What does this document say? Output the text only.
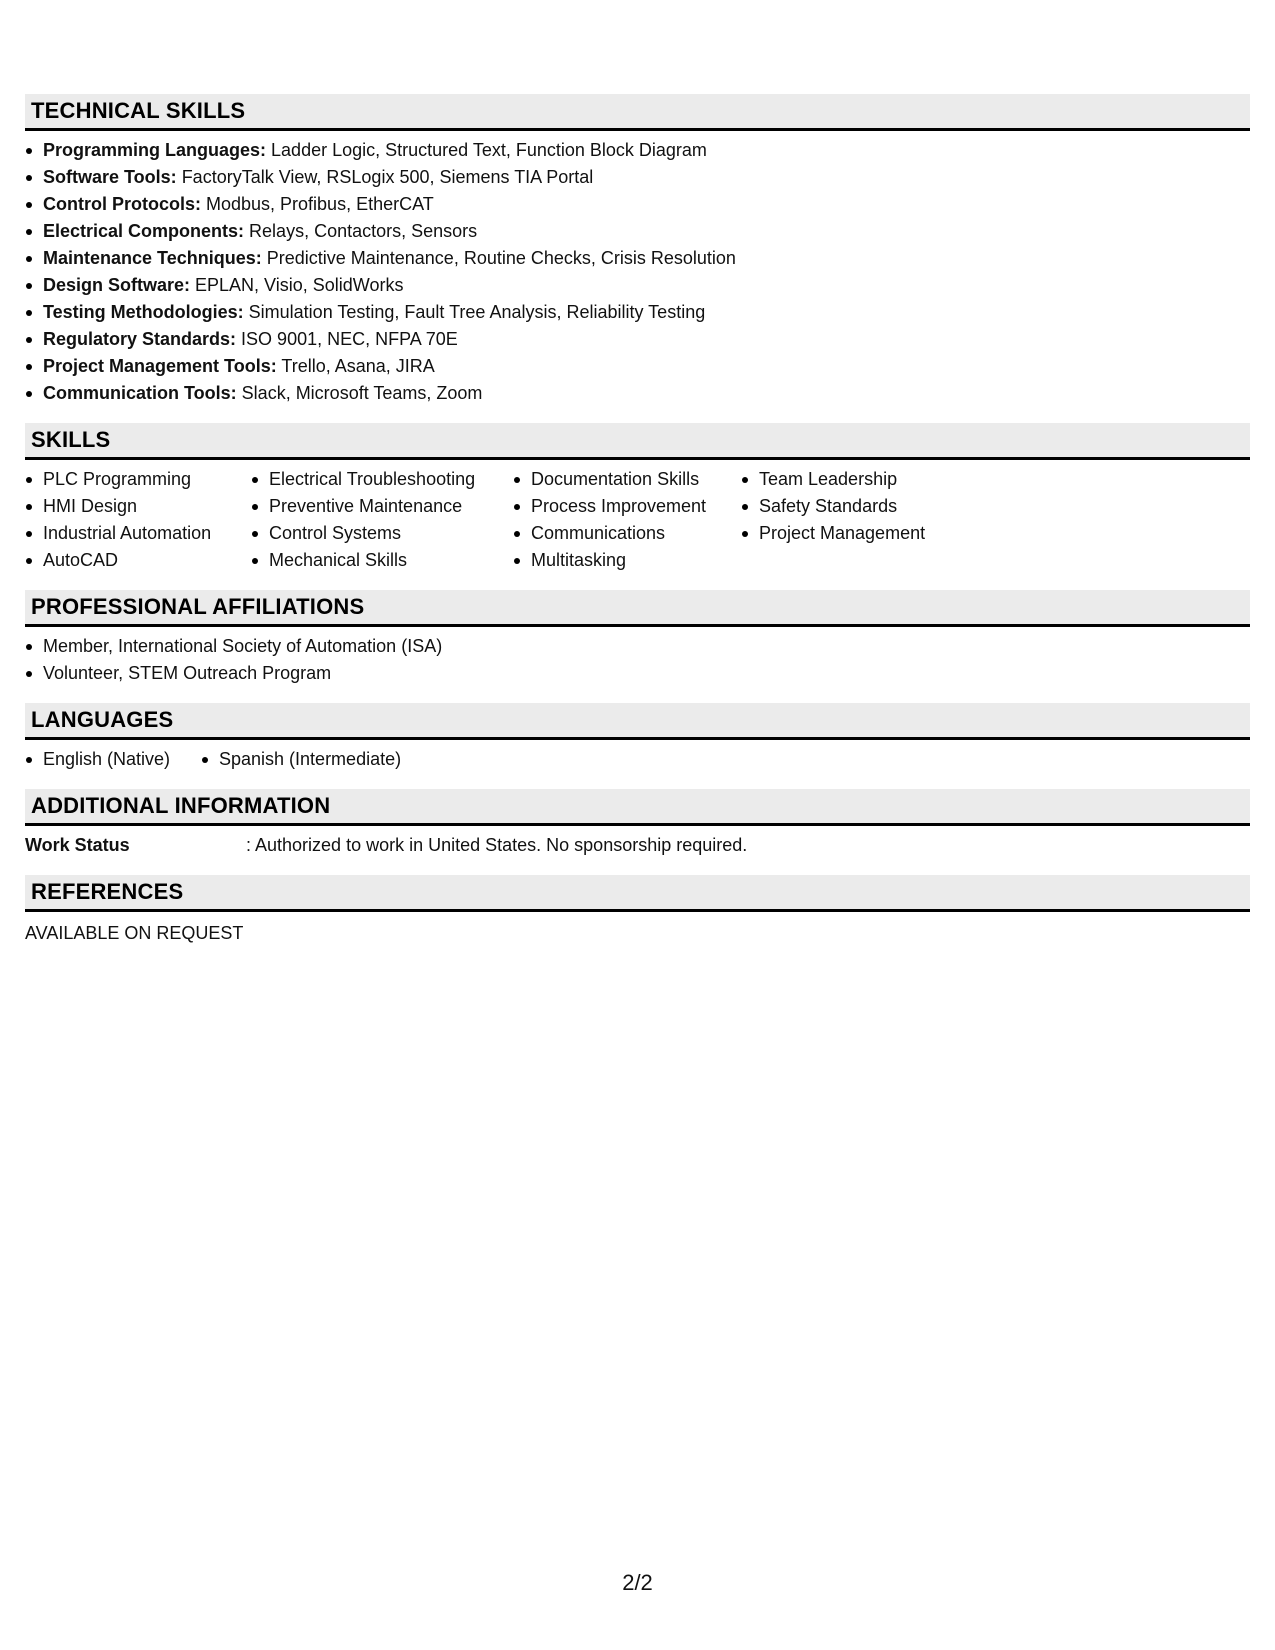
TECHNICAL SKILLS
Programming Languages: Ladder Logic, Structured Text, Function Block Diagram
Software Tools: FactoryTalk View, RSLogix 500, Siemens TIA Portal
Control Protocols: Modbus, Profibus, EtherCAT
Electrical Components: Relays, Contactors, Sensors
Maintenance Techniques: Predictive Maintenance, Routine Checks, Crisis Resolution
Design Software: EPLAN, Visio, SolidWorks
Testing Methodologies: Simulation Testing, Fault Tree Analysis, Reliability Testing
Regulatory Standards: ISO 9001, NEC, NFPA 70E
Project Management Tools: Trello, Asana, JIRA
Communication Tools: Slack, Microsoft Teams, Zoom
SKILLS
PLC Programming
HMI Design
Industrial Automation
AutoCAD
Electrical Troubleshooting
Preventive Maintenance
Control Systems
Mechanical Skills
Documentation Skills
Process Improvement
Communications
Multitasking
Team Leadership
Safety Standards
Project Management
PROFESSIONAL AFFILIATIONS
Member, International Society of Automation (ISA)
Volunteer, STEM Outreach Program
LANGUAGES
English (Native)	Spanish (Intermediate)
ADDITIONAL INFORMATION
Work Status	: Authorized to work in United States. No sponsorship required.
REFERENCES
AVAILABLE ON REQUEST
2/2
